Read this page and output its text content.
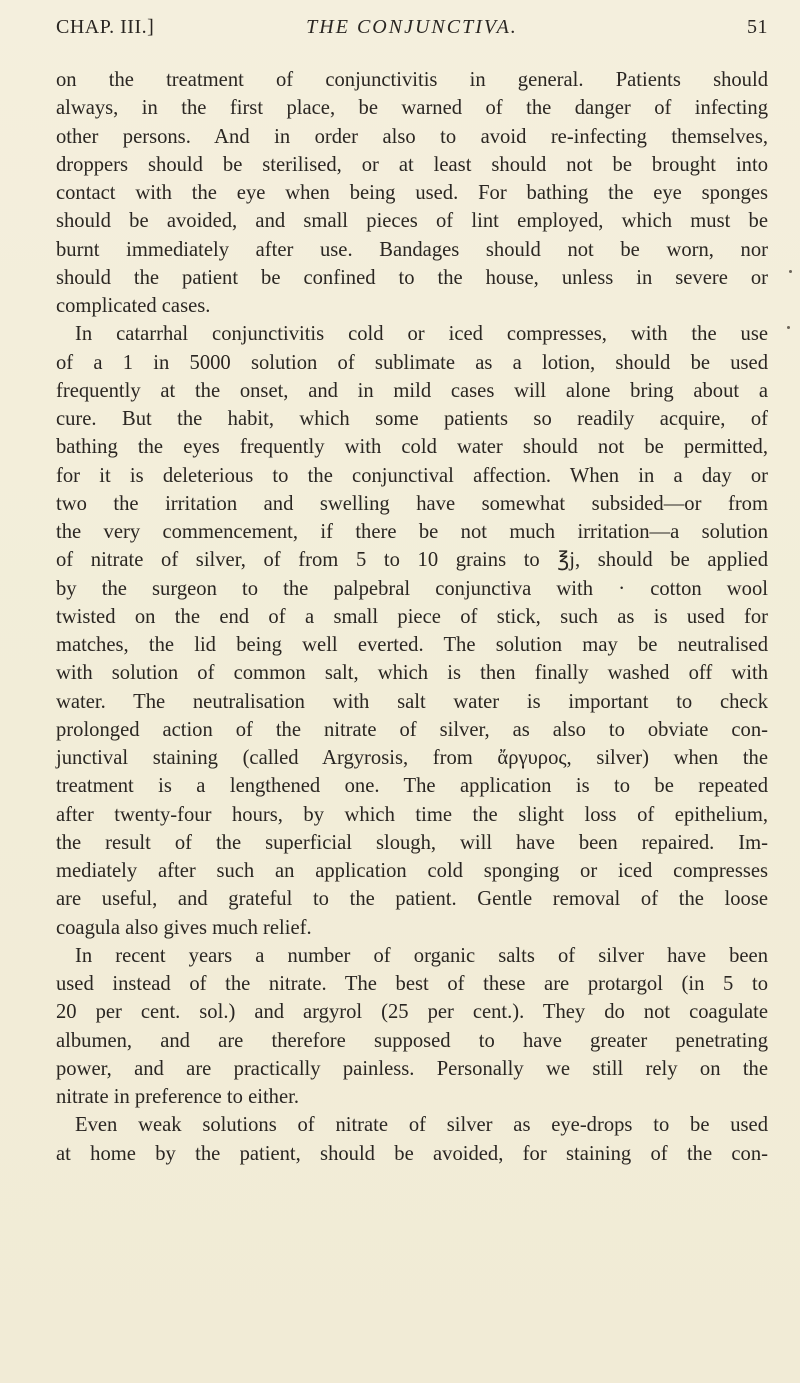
CHAP. III.]	THE CONJUNCTIVA.	51
on the treatment of conjunctivitis in general. Patients should
always, in the first place, be warned of the danger of infecting
other persons. And in order also to avoid re-infecting themselves,
droppers should be sterilised, or at least should not be brought into
contact with the eye when being used. For bathing the eye sponges
should be avoided, and small pieces of lint employed, which must be
burnt immediately after use. Bandages should not be worn, nor
should the patient be confined to the house, unless in severe or
complicated cases.
In catarrhal conjunctivitis cold or iced compresses, with the use
of a 1 in 5000 solution of sublimate as a lotion, should be used
frequently at the onset, and in mild cases will alone bring about a
cure. But the habit, which some patients so readily acquire, of
bathing the eyes frequently with cold water should not be permitted,
for it is deleterious to the conjunctival affection. When in a day or
two the irritation and swelling have somewhat subsided—or from
the very commencement, if there be not much irritation—a solution
of nitrate of silver, of from 5 to 10 grains to ℥j, should be applied
by the surgeon to the palpebral conjunctiva with · cotton wool
twisted on the end of a small piece of stick, such as is used for
matches, the lid being well everted. The solution may be neutralised
with solution of common salt, which is then finally washed off with
water. The neutralisation with salt water is important to check
prolonged action of the nitrate of silver, as also to obviate con-
junctival staining (called Argyrosis, from ἄργυρος, silver) when the
treatment is a lengthened one. The application is to be repeated
after twenty-four hours, by which time the slight loss of epithelium,
the result of the superficial slough, will have been repaired. Im-
mediately after such an application cold sponging or iced compresses
are useful, and grateful to the patient. Gentle removal of the loose
coagula also gives much relief.
In recent years a number of organic salts of silver have been
used instead of the nitrate. The best of these are protargol (in 5 to
20 per cent. sol.) and argyrol (25 per cent.). They do not coagulate
albumen, and are therefore supposed to have greater penetrating
power, and are practically painless. Personally we still rely on the
nitrate in preference to either.
Even weak solutions of nitrate of silver as eye-drops to be used
at home by the patient, should be avoided, for staining of the con-
